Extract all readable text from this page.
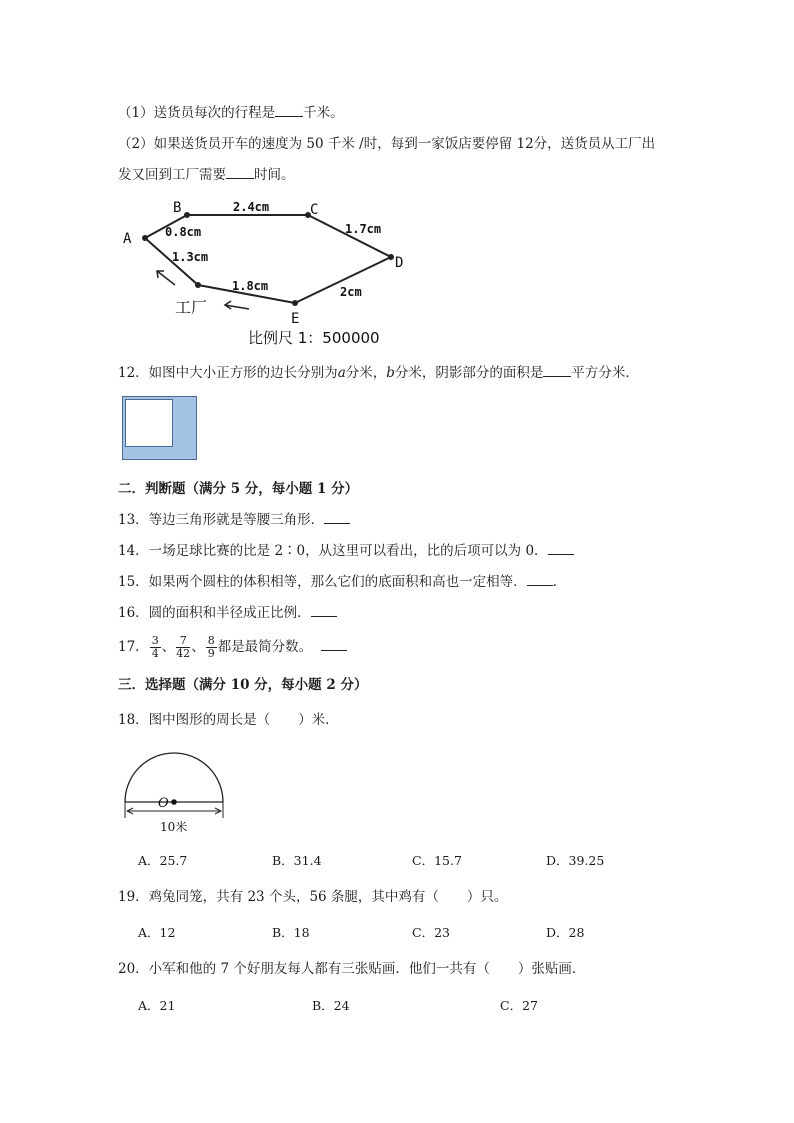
（1）送货员每次的行程是 千米。
（2）如果送货员开车的速度为 50 千米 /时，每到一家饭店要停留 12分，送货员从工厂出
发又回到工厂需要 时间。
A
B	C
D
E
0.8cm
2.4cm
1.7cm
2cm
1.8cm
1.3cm
工厂
比例尺 1：500000
12．如图中大小正方形的边长分别为a分米，b分米，阴影部分的面积是 平方分米．
二．判断题（满分 5 分，每小题 1 分）
13．等边三角形就是等腰三角形．
14．一场足球比赛的比是 2∶0，从这里可以看出，比的后项可以为 0．
15．如果两个圆柱的体积相等，那么它们的底面积和高也一定相等． ．
16．圆的面积和半径成正比例．
17． $\frac{3}{4}$ 、 $\frac{7}{42}$ 、 $\frac{8}{9}$ 都是最简分数。
三．选择题（满分 10 分，每小题 2 分）
18．图中图形的周长是（ ）米．
O
10米
A．25.7	B．31.4	C．15.7	D．39.25
19．鸡兔同笼，共有 23 个头，56 条腿，其中鸡有（ ）只。
A．12	B．18	C．23	D．28
20．小军和他的 7 个好朋友每人都有三张贴画．他们一共有（ ）张贴画．
A．21	B．24	C．27
